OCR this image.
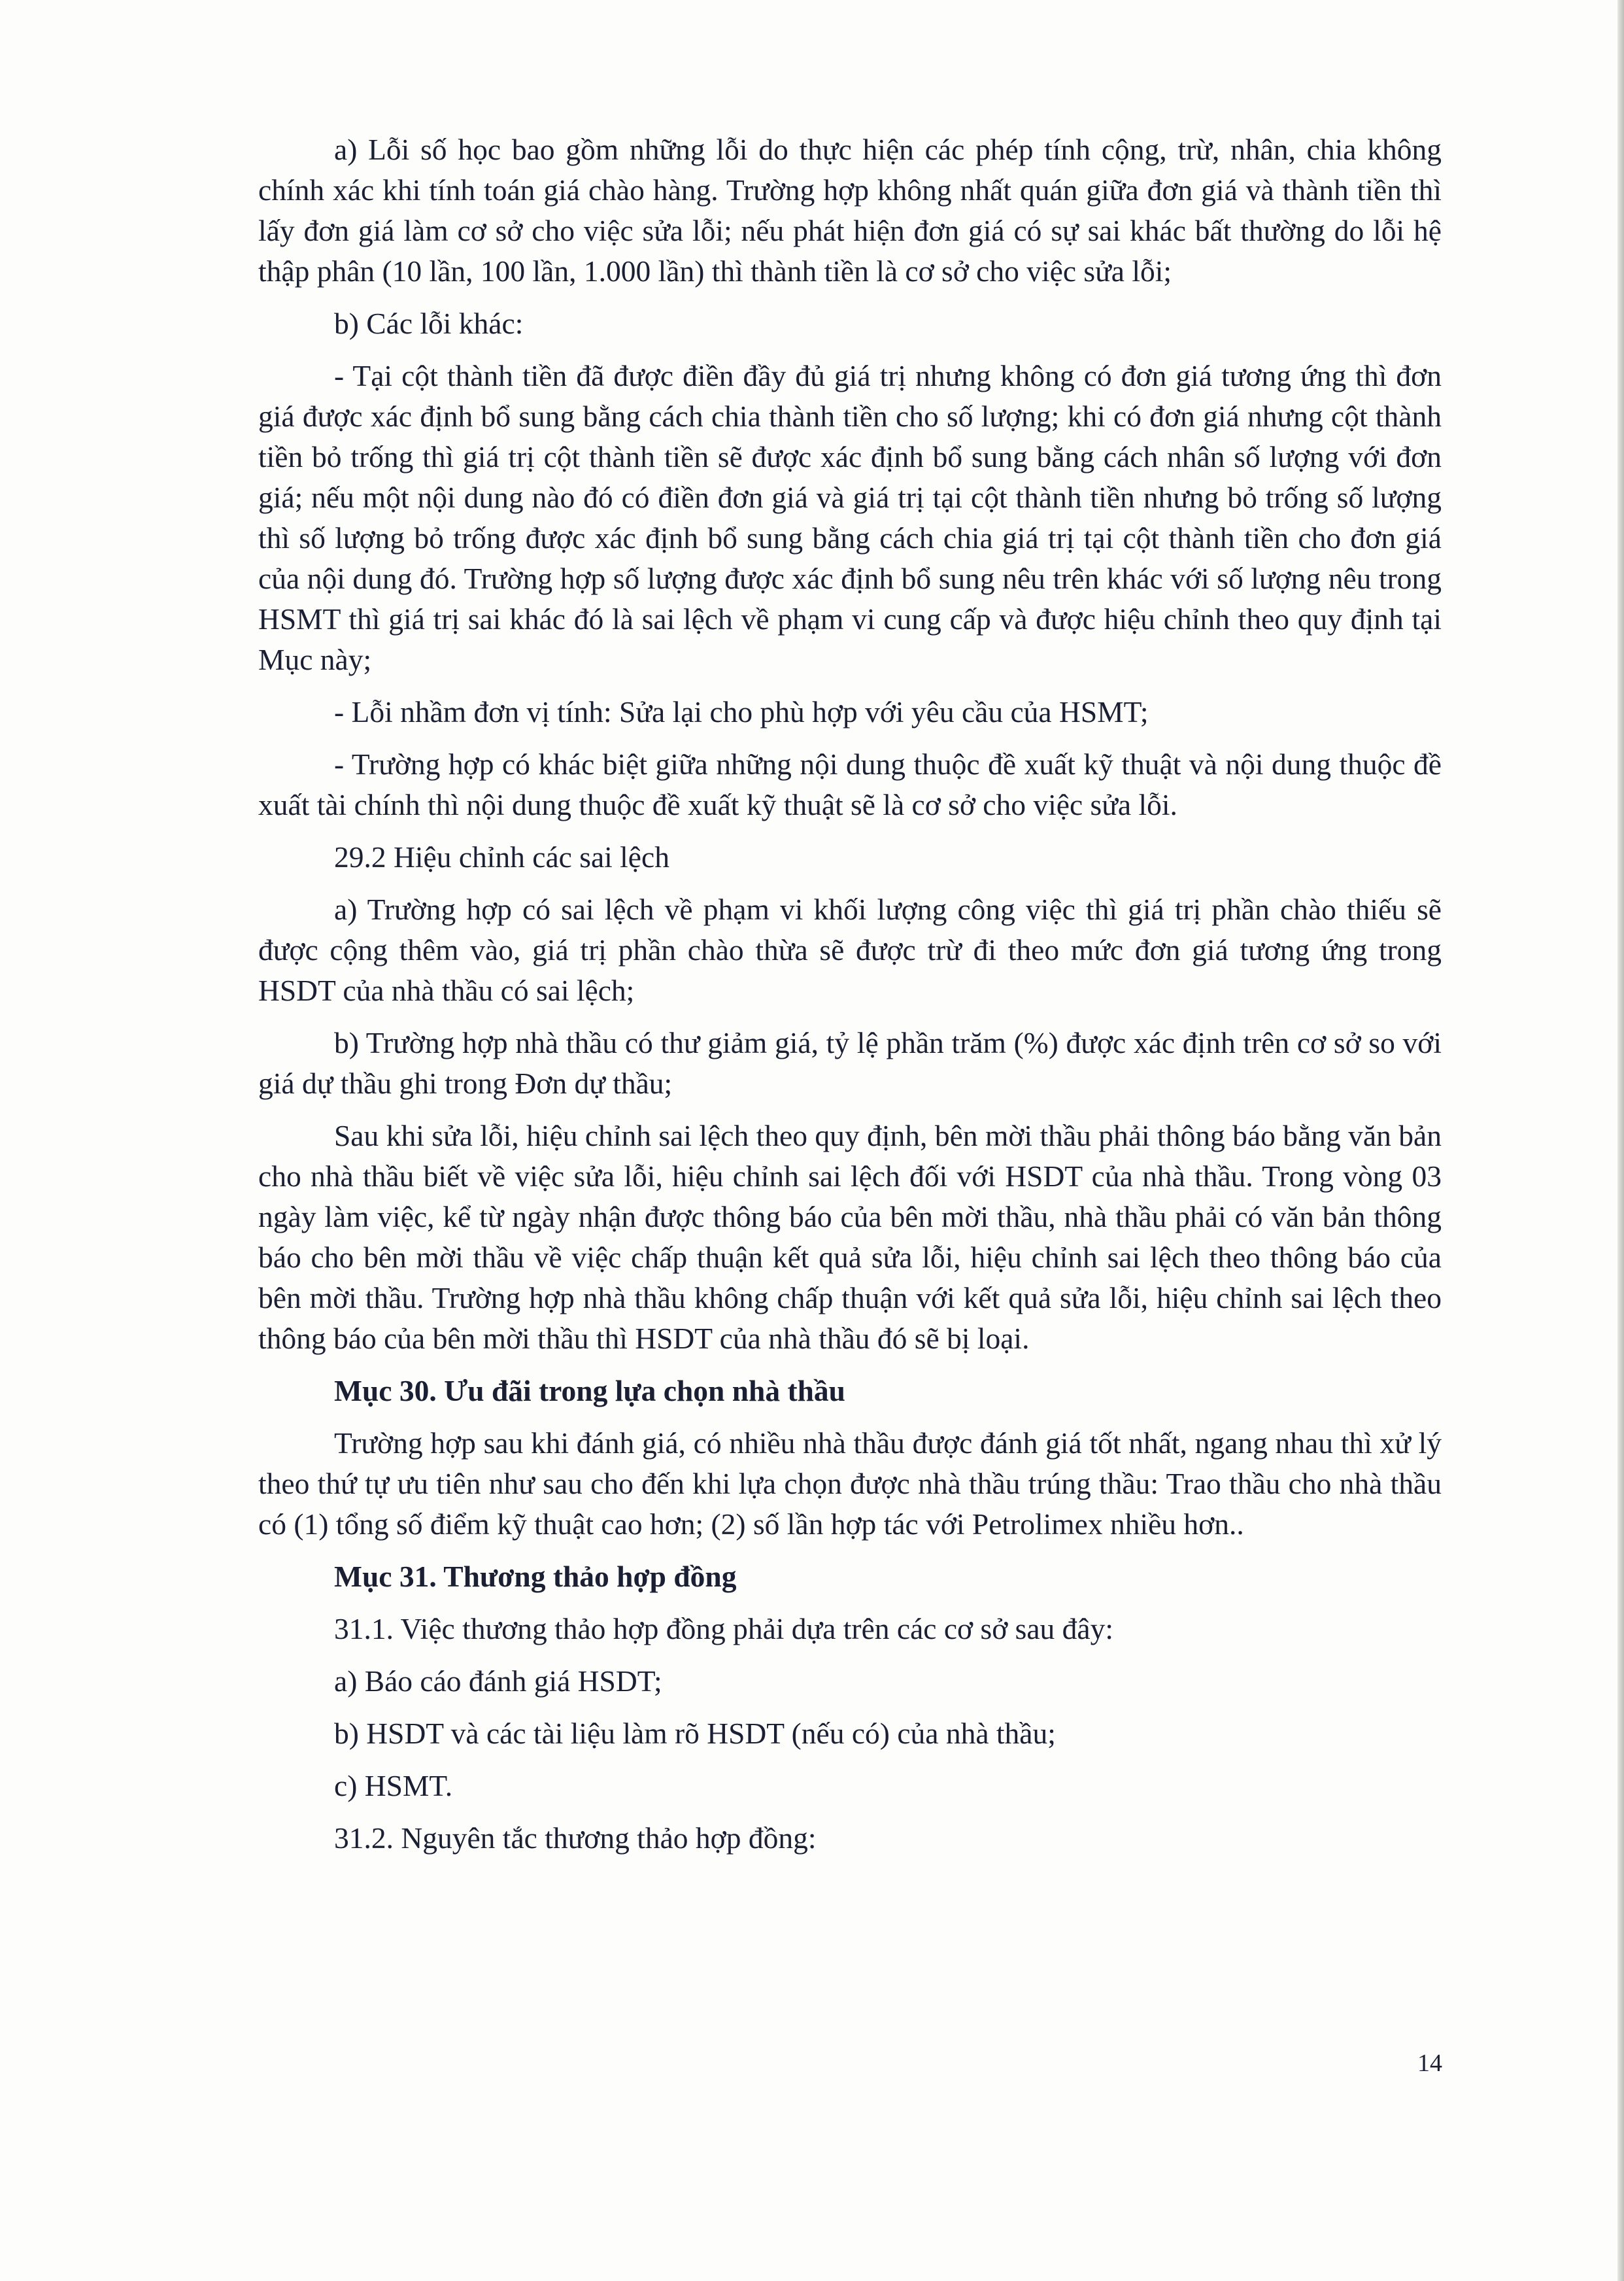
a) Lỗi số học bao gồm những lỗi do thực hiện các phép tính cộng, trừ, nhân, chia không chính xác khi tính toán giá chào hàng. Trường hợp không nhất quán giữa đơn giá và thành tiền thì lấy đơn giá làm cơ sở cho việc sửa lỗi; nếu phát hiện đơn giá có sự sai khác bất thường do lỗi hệ thập phân (10 lần, 100 lần, 1.000 lần) thì thành tiền là cơ sở cho việc sửa lỗi;

b) Các lỗi khác:

- Tại cột thành tiền đã được điền đầy đủ giá trị nhưng không có đơn giá tương ứng thì đơn giá được xác định bổ sung bằng cách chia thành tiền cho số lượng; khi có đơn giá nhưng cột thành tiền bỏ trống thì giá trị cột thành tiền sẽ được xác định bổ sung bằng cách nhân số lượng với đơn giá; nếu một nội dung nào đó có điền đơn giá và giá trị tại cột thành tiền nhưng bỏ trống số lượng thì số lượng bỏ trống được xác định bổ sung bằng cách chia giá trị tại cột thành tiền cho đơn giá của nội dung đó. Trường hợp số lượng được xác định bổ sung nêu trên khác với số lượng nêu trong HSMT thì giá trị sai khác đó là sai lệch về phạm vi cung cấp và được hiệu chỉnh theo quy định tại Mục này;

- Lỗi nhầm đơn vị tính: Sửa lại cho phù hợp với yêu cầu của HSMT;

- Trường hợp có khác biệt giữa những nội dung thuộc đề xuất kỹ thuật và nội dung thuộc đề xuất tài chính thì nội dung thuộc đề xuất kỹ thuật sẽ là cơ sở cho việc sửa lỗi.

29.2 Hiệu chỉnh các sai lệch

a) Trường hợp có sai lệch về phạm vi khối lượng công việc thì giá trị phần chào thiếu sẽ được cộng thêm vào, giá trị phần chào thừa sẽ được trừ đi theo mức đơn giá tương ứng trong HSDT của nhà thầu có sai lệch;

b) Trường hợp nhà thầu có thư giảm giá, tỷ lệ phần trăm (%) được xác định trên cơ sở so với giá dự thầu ghi trong Đơn dự thầu;

Sau khi sửa lỗi, hiệu chỉnh sai lệch theo quy định, bên mời thầu phải thông báo bằng văn bản cho nhà thầu biết về việc sửa lỗi, hiệu chỉnh sai lệch đối với HSDT của nhà thầu. Trong vòng 03 ngày làm việc, kể từ ngày nhận được thông báo của bên mời thầu, nhà thầu phải có văn bản thông báo cho bên mời thầu về việc chấp thuận kết quả sửa lỗi, hiệu chỉnh sai lệch theo thông báo của bên mời thầu. Trường hợp nhà thầu không chấp thuận với kết quả sửa lỗi, hiệu chỉnh sai lệch theo thông báo của bên mời thầu thì HSDT của nhà thầu đó sẽ bị loại.

Mục 30. Ưu đãi trong lựa chọn nhà thầu

Trường hợp sau khi đánh giá, có nhiều nhà thầu được đánh giá tốt nhất, ngang nhau thì xử lý theo thứ tự ưu tiên như sau cho đến khi lựa chọn được nhà thầu trúng thầu: Trao thầu cho nhà thầu có (1) tổng số điểm kỹ thuật cao hơn; (2) số lần hợp tác với Petrolimex nhiều hơn..

Mục 31. Thương thảo hợp đồng

31.1. Việc thương thảo hợp đồng phải dựa trên các cơ sở sau đây:

a) Báo cáo đánh giá HSDT;

b) HSDT và các tài liệu làm rõ HSDT (nếu có) của nhà thầu;

c) HSMT.

31.2. Nguyên tắc thương thảo hợp đồng:

14
